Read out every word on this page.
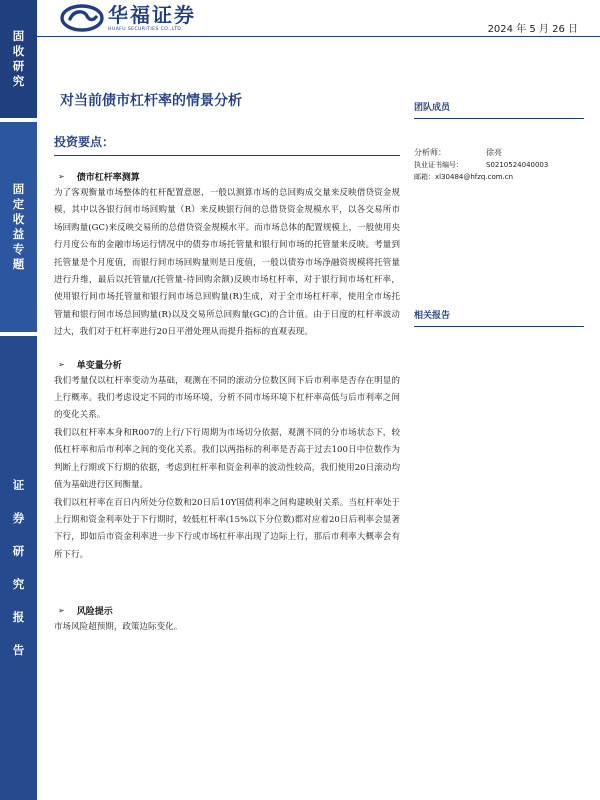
固
收
研
究
固
定
收
益
专
题
证
券
研
究
报
告
华福证券
HUAFU SECURITIES CO.,LTD.	2024 年 5 月 26 日
对当前债市杠杆率的情景分析	团队成员
分析师：	徐亮
执业证书编号：	S0210524040003
邮箱： xl30484@hfzq.com.cn
相关报告
投资要点：
➢ 债市杠杆率测算

为了客观衡量市场整体的杠杆配置意愿，一般以测算市场的总回购成交量来反映借贷资金规模，其中以各银行间市场回购量（R）来反映银行间的总借贷资金规模水平，以各交易所市场回购量(GC)来反映交易所的总借贷资金规模水平。而市场总体的配置规模上，一般使用央行月度公布的金融市场运行情况中的债券市场托管量和银行间市场的托管量来反映。考量到托管量是个月度值，而银行间市场回购量则是日度值，一般以债券市场净融资规模将托管量进行升维，最后以托管量/(托管量-待回购余额)反映市场杠杆率，对于银行间市场杠杆率，使用银行间市场托管量和银行间市场总回购量(R)生成，对于全市场杠杆率，使用全市场托管量和银行间市场总回购量(R)以及交易所总回购量(GC)的合计值。由于日度的杠杆率波动过大，我们对于杠杆率进行20日平滑处理从而提升指标的直观表现。

➢ 单变量分析

我们考量仅以杠杆率变动为基础，观测在不同的滚动分位数区间下后市利率是否存在明显的上行概率。我们考虑设定不同的市场环境，分析不同市场环境下杠杆率高低与后市利率之间的变化关系。

我们以杠杆率本身和R007的上行/下行周期为市场切分依据，观测不同的分市场状态下，较低杠杆率和后市利率之间的变化关系。我们以两指标的利率是否高于过去100日中位数作为判断上行期或下行期的依据，考虑到杠杆率和资金利率的波动性较高，我们使用20日滚动均值为基础进行区间衡量。

我们以杠杆率在百日内所处分位数和20日后10Y国债利率之间构建映射关系。当杠杆率处于上行期和资金利率处于下行期时，较低杠杆率(15%以下分位数)都对应着20日后利率会显著下行，即如后市资金利率进一步下行或市场杠杆率出现了边际上行，那后市利率大概率会有所下行。

➢ 风险提示

市场风险超预期，政策边际变化。
